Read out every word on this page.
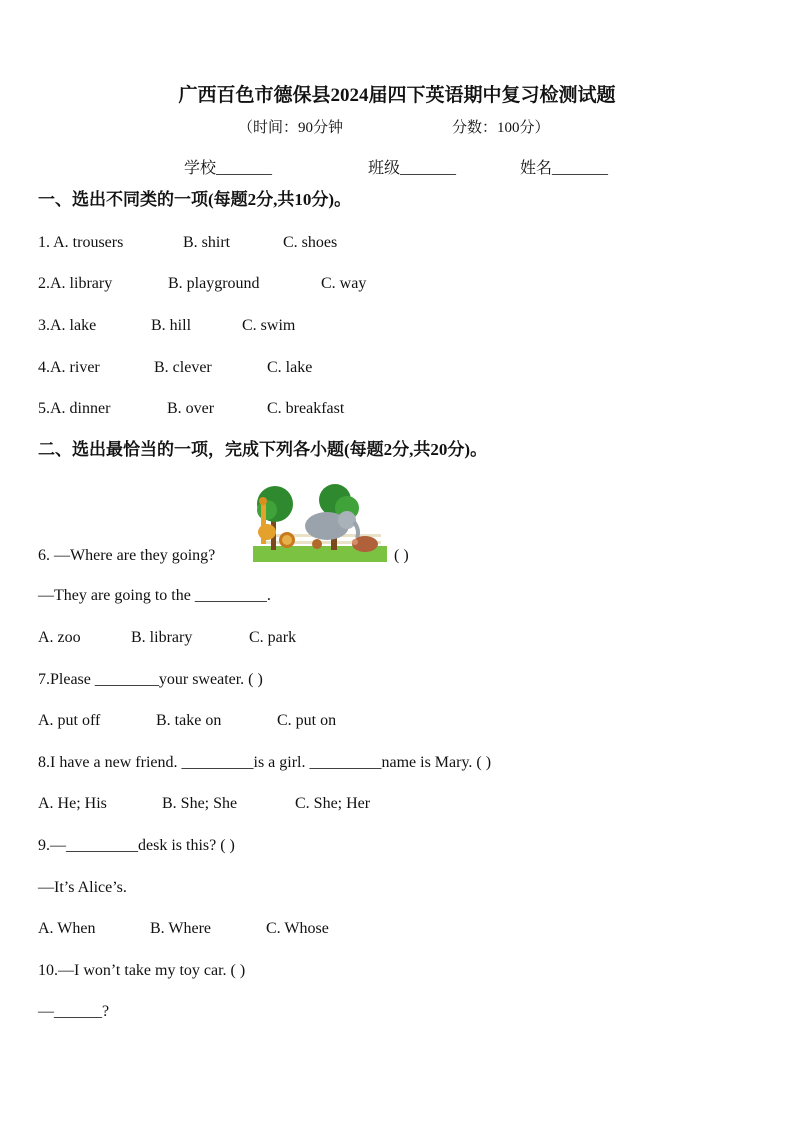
广西百色市德保县2024届四下英语期中复习检测试题
（时间：90分钟	分数：100分）
学校_______	班级_______	姓名_______
一、选出不同类的一项(每题2分,共10分)。
1. A. trousers	B. shirt	C. shoes
2.A. library	B. playground	C. way
3.A. lake	B. hill	C. swim
4.A. river	B. clever	C. lake
5.A. dinner	B. over	C. breakfast
二、选出最恰当的一项，完成下列各小题(每题2分,共20分)。
6. —Where are they going?	( )
—They are going to the _________.
A. zoo	B. library	C. park
7.Please ________your sweater. ( )
A. put off	B. take on	C. put on
8.I have a new friend. _________is a girl. _________name is Mary. ( )
A. He; His	B. She; She	C. She; Her
9.—_________desk is this? ( )
—It’s Alice’s.
A. When	B. Where	C. Whose
10.—I won’t take my toy car. ( )
—______?
